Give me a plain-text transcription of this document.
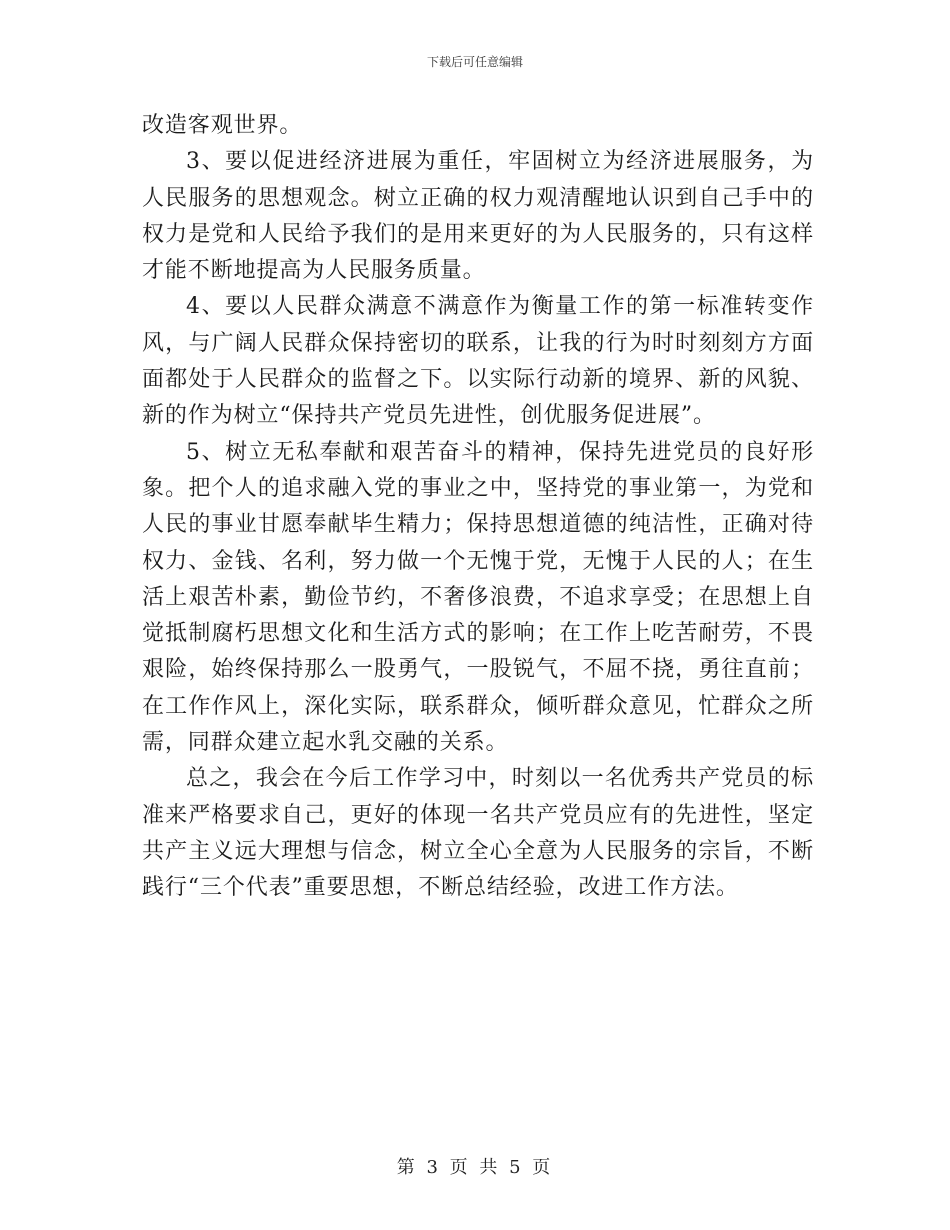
下载后可任意编辑

改造客观世界。

3、要以促进经济进展为重任，牢固树立为经济进展服务，为人民服务的思想观念。树立正确的权力观清醒地认识到自己手中的权力是党和人民给予我们的是用来更好的为人民服务的，只有这样才能不断地提高为人民服务质量。

4、要以人民群众满意不满意作为衡量工作的第一标准转变作风，与广阔人民群众保持密切的联系，让我的行为时时刻刻方方面面都处于人民群众的监督之下。以实际行动新的境界、新的风貌、新的作为树立“保持共产党员先进性，创优服务促进展”。

5、树立无私奉献和艰苦奋斗的精神，保持先进党员的良好形象。把个人的追求融入党的事业之中，坚持党的事业第一，为党和人民的事业甘愿奉献毕生精力；保持思想道德的纯洁性，正确对待权力、金钱、名利，努力做一个无愧于党，无愧于人民的人；在生活上艰苦朴素，勤俭节约，不奢侈浪费，不追求享受；在思想上自觉抵制腐朽思想文化和生活方式的影响；在工作上吃苦耐劳，不畏艰险，始终保持那么一股勇气，一股锐气，不屈不挠，勇往直前；在工作作风上，深化实际，联系群众，倾听群众意见，忙群众之所需，同群众建立起水乳交融的关系。

总之，我会在今后工作学习中，时刻以一名优秀共产党员的标准来严格要求自己，更好的体现一名共产党员应有的先进性，坚定共产主义远大理想与信念，树立全心全意为人民服务的宗旨，不断践行“三个代表”重要思想，不断总结经验，改进工作方法。

第 3 页 共 5 页
